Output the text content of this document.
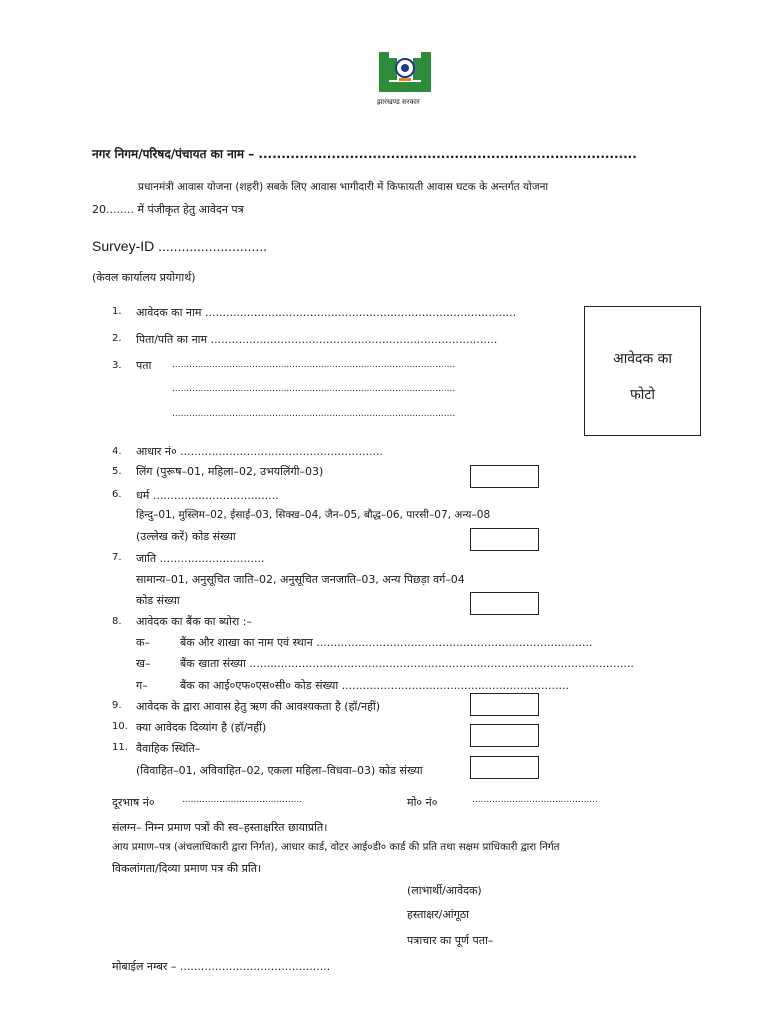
झारखण्ड सरकार
नगर निगम/परिषद/पंचायत का नाम – ...................................................................................
प्रधानमंत्री आवास योजना (शहरी) सबके लिए आवास भागीदारी में किफायती आवास घटक के अन्तर्गत योजना
20........ में पंजीकृत हेतु आवेदन पत्र
Survey-ID ............................
(केवल कार्यालय प्रयोगार्थ)
आवेदक का
फोटो
1. आवेदक का नाम .........................................................................................
2. पिता/पति का नाम ..................................................................................
3. पता ...................................................................................................
...................................................................................................
...................................................................................................
4. आधार नं० ..........................................................
5. लिंग (पुरूष–01, महिला–02, उभयलिंगी–03)
6. धर्म ....................................
हिन्दु–01, मुस्लिम–02, ईसाई–03, सिक्ख–04, जैन–05, बौद्ध–06, पारसी–07, अन्य–08
(उल्लेख करें) कोड संख्या
7. जाति ..............................
सामान्य–01, अनुसूचित जाति–02, अनुसूचित जनजाति–03, अन्य पिछड़ा वर्ग–04
कोड संख्या
8. आवेदक का बैंक का ब्योरा :–
क–	बैंक और शाखा का नाम एवं स्थान ...............................................................................
ख–	बैंक खाता संख्या ..............................................................................................................
ग–	बैंक का आई०एफ०एस०सी० कोड संख्या .................................................................
9. आवेदक के द्वारा आवास हेतु ऋण की आवश्यकता है (हॉ/नहीं)
10. क्या आवेदक दिव्यांग है (हॉ/नहीं)
11. वैवाहिक स्थिति–
(विवाहित–01, अविवाहित–02, एकला महिला–विधवा–03) कोड संख्या
दूरभाष नं०	..........................................	मो० नं०	............................................
संलग्न– निम्न प्रमाण पत्रों की स्व–हस्ताक्षरित छायाप्रति।
आय प्रमाण–पत्र (अंचलाधिकारी द्वारा निर्गत), आधार कार्ड, वोटर आई०डी० कार्ड की प्रति तथा सक्षम प्राधिकारी द्वारा निर्गत
विकलांगता/दिव्या प्रमाण पत्र की प्रति।
(लाभार्थी/आवेदक)
हस्ताक्षर/आंगूठा
पत्राचार का पूर्ण पता–
मोबाईल नम्बर – ...........................................
